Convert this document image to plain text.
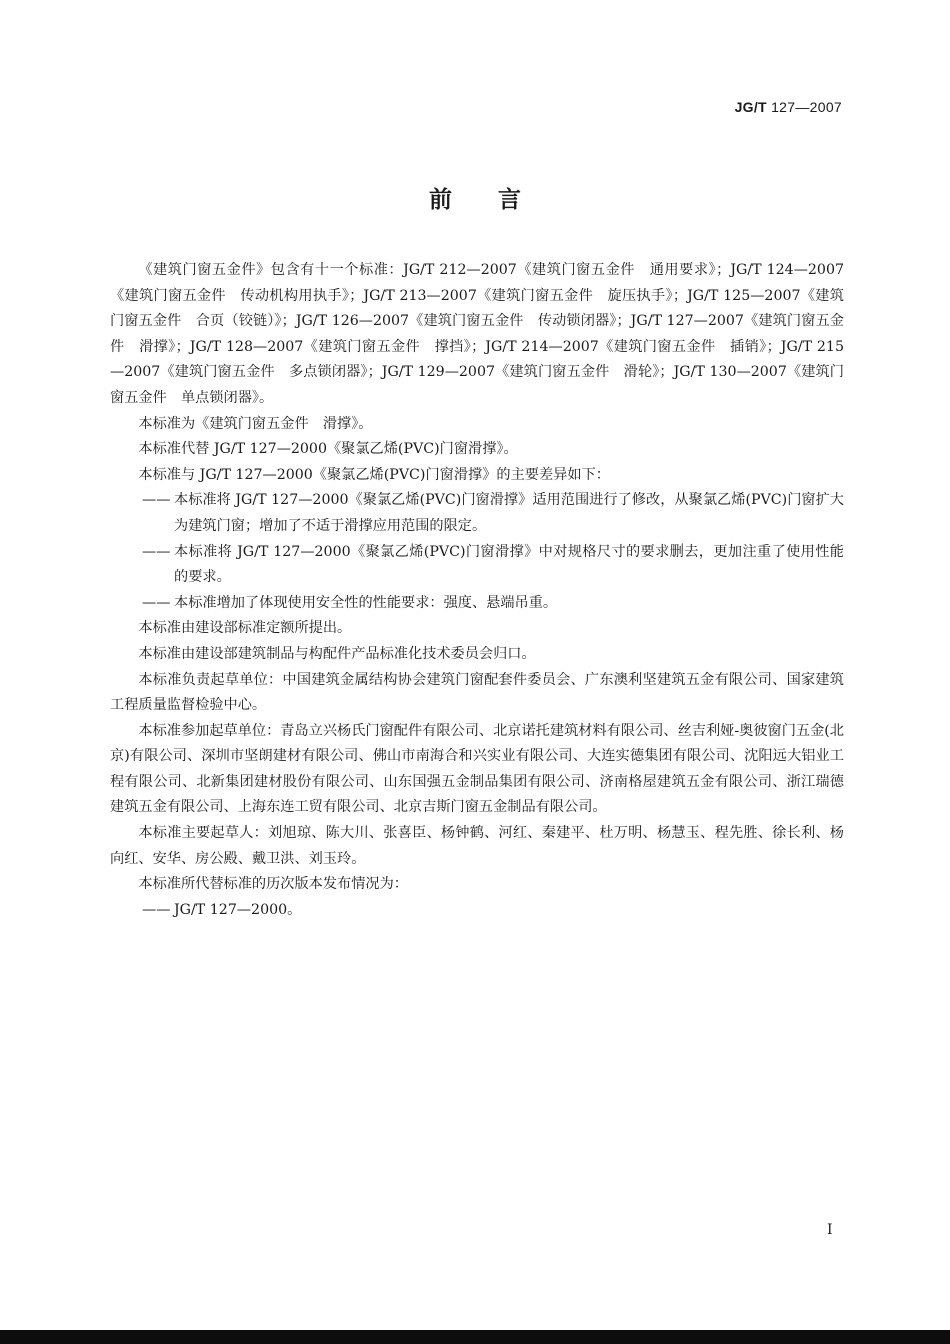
JG/T 127—2007
前 言

《建筑门窗五金件》包含有十一个标准：JG/T 212—2007《建筑门窗五金件　通用要求》；JG/T 124—2007《建筑门窗五金件　传动机构用执手》；JG/T 213—2007《建筑门窗五金件　旋压执手》；JG/T 125—2007《建筑门窗五金件　合页（铰链）》；JG/T 126—2007《建筑门窗五金件　传动锁闭器》；JG/T 127—2007《建筑门窗五金件　滑撑》；JG/T 128—2007《建筑门窗五金件　撑挡》；JG/T 214—2007《建筑门窗五金件　插销》；JG/T 215—2007《建筑门窗五金件　多点锁闭器》；JG/T 129—2007《建筑门窗五金件　滑轮》；JG/T 130—2007《建筑门窗五金件　单点锁闭器》。

本标准为《建筑门窗五金件　滑撑》。

本标准代替 JG/T 127—2000《聚氯乙烯(PVC)门窗滑撑》。

本标准与 JG/T 127—2000《聚氯乙烯(PVC)门窗滑撑》的主要差异如下：

—— 本标准将 JG/T 127—2000《聚氯乙烯(PVC)门窗滑撑》适用范围进行了修改，从聚氯乙烯(PVC)门窗扩大为建筑门窗；增加了不适于滑撑应用范围的限定。

—— 本标准将 JG/T 127—2000《聚氯乙烯(PVC)门窗滑撑》中对规格尺寸的要求删去，更加注重了使用性能的要求。

—— 本标准增加了体现使用安全性的性能要求：强度、悬端吊重。

本标准由建设部标准定额所提出。

本标准由建设部建筑制品与构配件产品标准化技术委员会归口。

本标准负责起草单位：中国建筑金属结构协会建筑门窗配套件委员会、广东澳利坚建筑五金有限公司、国家建筑工程质量监督检验中心。

本标准参加起草单位：青岛立兴杨氏门窗配件有限公司、北京诺托建筑材料有限公司、丝吉利娅-奥彼窗门五金(北京)有限公司、深圳市坚朗建材有限公司、佛山市南海合和兴实业有限公司、大连实德集团有限公司、沈阳远大铝业工程有限公司、北新集团建材股份有限公司、山东国强五金制品集团有限公司、济南格屋建筑五金有限公司、浙江瑞德建筑五金有限公司、上海东连工贸有限公司、北京吉斯门窗五金制品有限公司。

本标准主要起草人：刘旭琼、陈大川、张喜臣、杨钟鹤、河红、秦建平、杜万明、杨慧玉、程先胜、徐长利、杨向红、安华、房公殿、戴卫洪、刘玉玲。

本标准所代替标准的历次版本发布情况为：

—— JG/T 127—2000。

I
